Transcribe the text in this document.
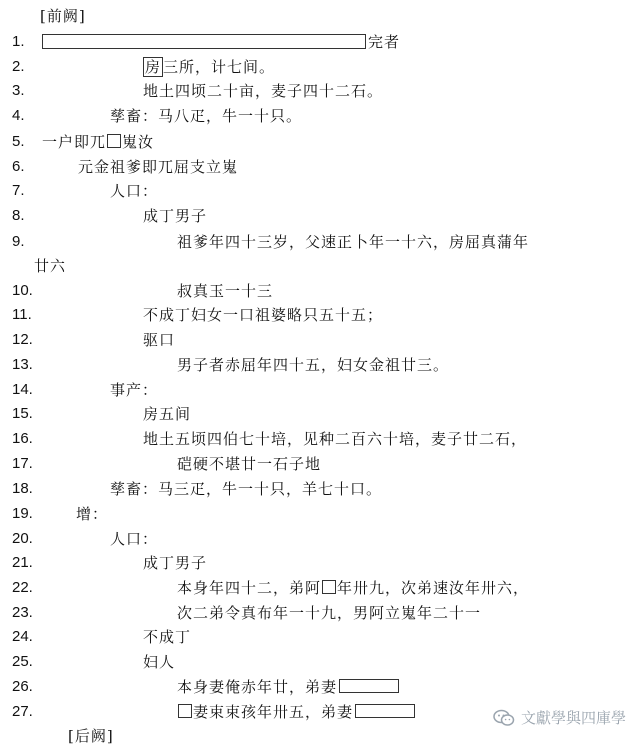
[前阙]
1.	完者
2.	房 三所，计七间。
3.	地土四顷二十亩，麦子四十二石。
4.	孳畜：马八疋，牛一十只。
5. 一户即兀 嵬汝
6.	元金祖爹即兀屈支立嵬
7.	人口：
8.	成丁男子
9.	祖爹年四十三岁，父速正卜年一十六，房屈真蒲年
廿六
10.	叔真玉一十三
11.	不成丁妇女一口祖婆略只五十五；
12.	驱口
13.	男子者赤屈年四十五，妇女金祖廿三。
14.	事产：
15.	房五间
16.	地土五顷四伯七十培，见种二百六十培，麦子廿二石，
17.	硙硬不堪廿一石子地
18.	孳畜：马三疋，牛一十只，羊七十口。
19.	增：
20.	人口：
21.	成丁男子
22.	本身年四十二，弟阿 年卅九，次弟速汝年卅六，
23.	次二弟令真布年一十九，男阿立嵬年二十一
24.	不成丁
25.	妇人
26.	本身妻俺赤年廿，弟妻
27.	妻束束孩年卅五，弟妻
[后阙]
文獻學與四庫學
